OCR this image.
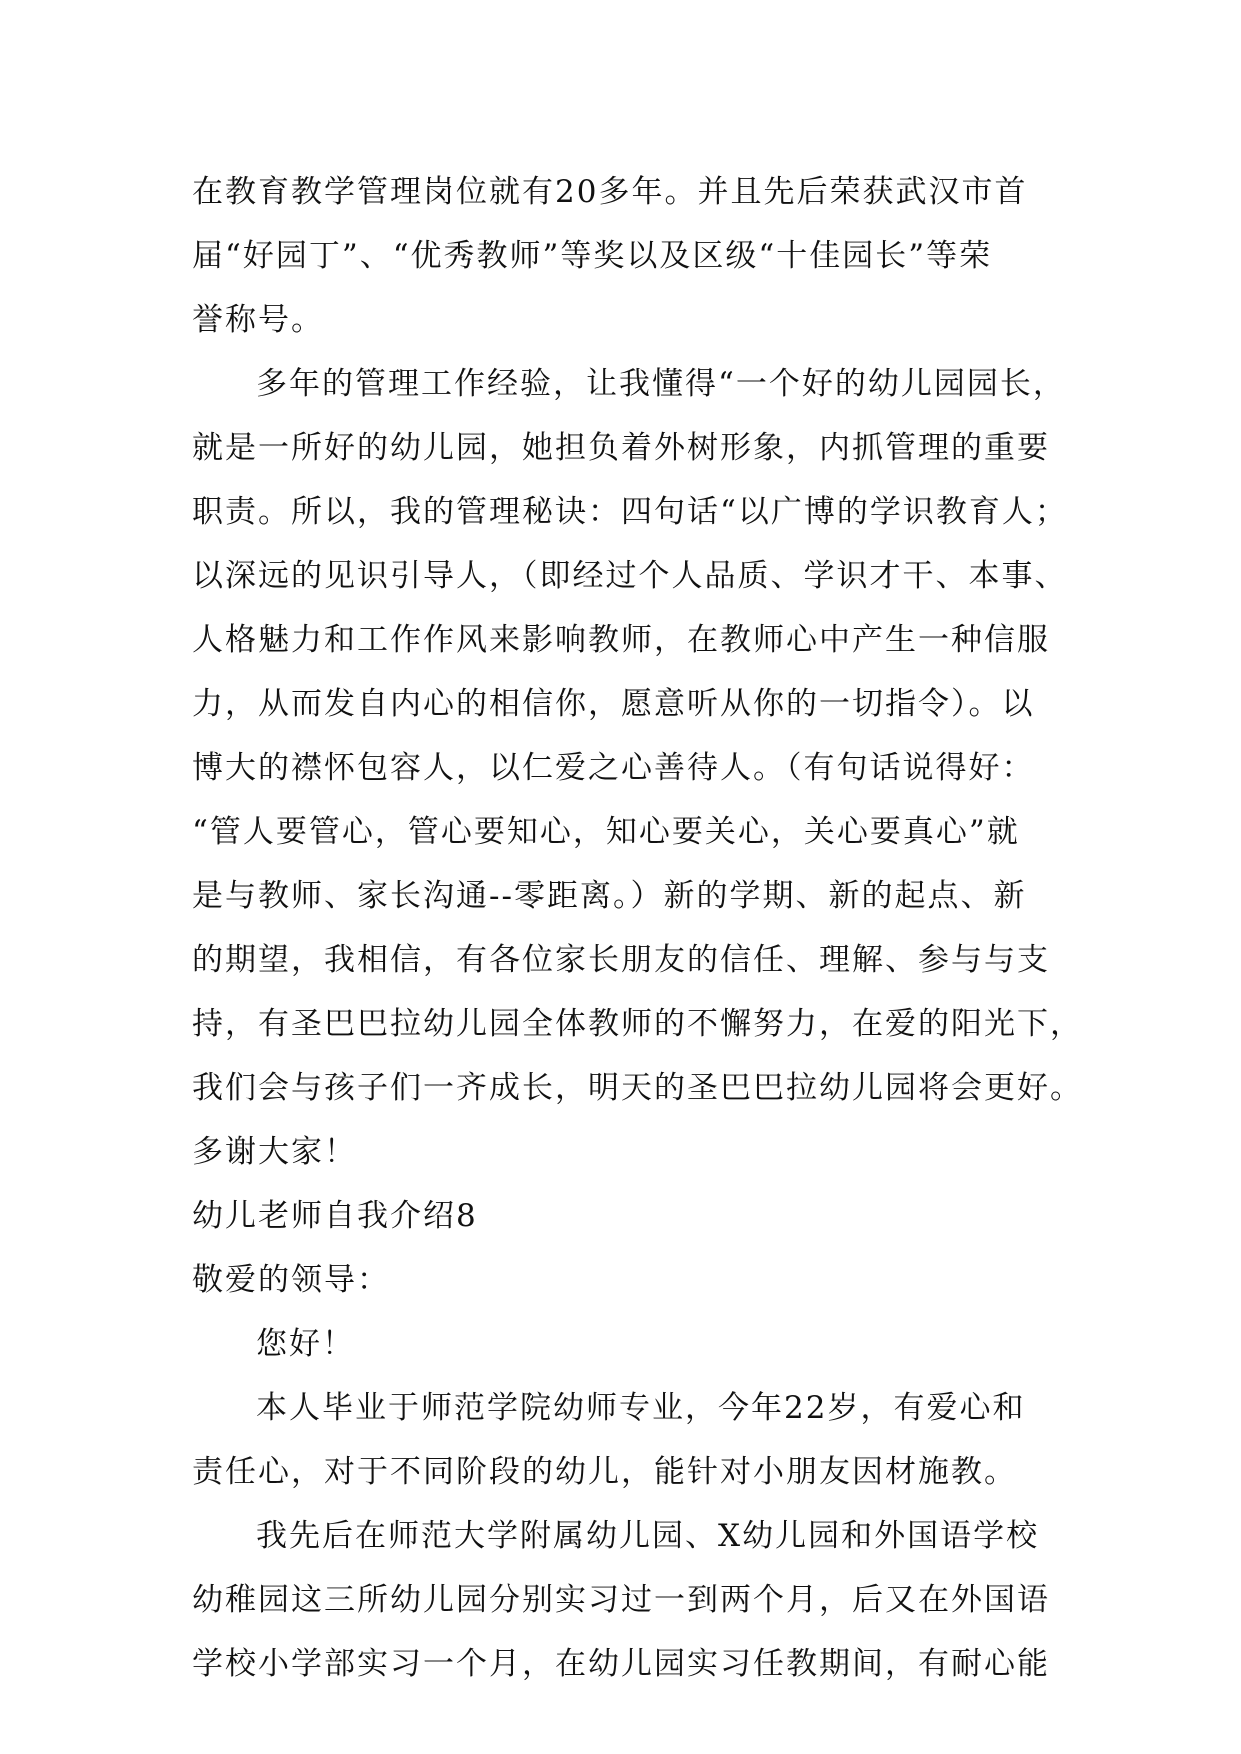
在教育教学管理岗位就有20多年。并且先后荣获武汉市首
届“好园丁”、“优秀教师”等奖以及区级“十佳园长”等荣
誉称号。
多年的管理工作经验，让我懂得“一个好的幼儿园园长，
就是一所好的幼儿园，她担负着外树形象，内抓管理的重要
职责。所以，我的管理秘诀：四句话“以广博的学识教育人；
以深远的见识引导人，（即经过个人品质、学识才干、本事、
人格魅力和工作作风来影响教师，在教师心中产生一种信服
力，从而发自内心的相信你，愿意听从你的一切指令）。以
博大的襟怀包容人，以仁爱之心善待人。（有句话说得好：
“管人要管心，管心要知心，知心要关心，关心要真心”就
是与教师、家长沟通--零距离。）新的学期、新的起点、新
的期望，我相信，有各位家长朋友的信任、理解、参与与支
持，有圣巴巴拉幼儿园全体教师的不懈努力，在爱的阳光下，
我们会与孩子们一齐成长，明天的圣巴巴拉幼儿园将会更好。
多谢大家！
幼儿老师自我介绍8
敬爱的领导：
您好！
本人毕业于师范学院幼师专业，今年22岁，有爱心和
责任心，对于不同阶段的幼儿，能针对小朋友因材施教。
我先后在师范大学附属幼儿园、X幼儿园和外国语学校
幼稚园这三所幼儿园分别实习过一到两个月，后又在外国语
学校小学部实习一个月，在幼儿园实习任教期间，有耐心能
